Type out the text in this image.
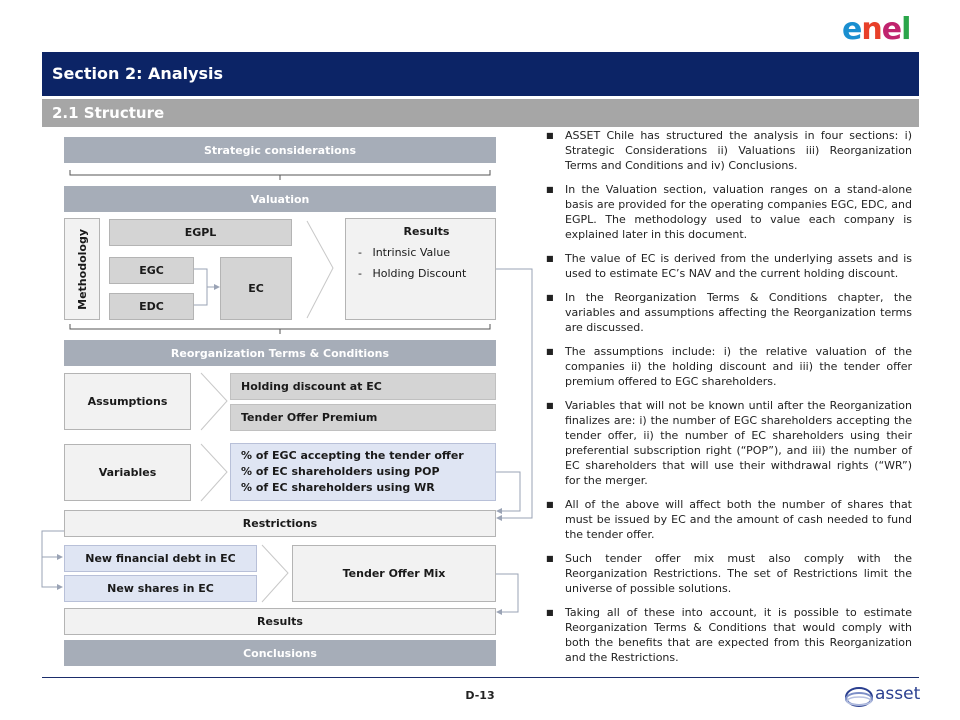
enel
Section 2: Analysis
2.1 Structure
Strategic considerations
Valuation
Methodology	EGPL
EGC
EDC
EC
Results
-   Intrinsic Value
-   Holding Discount
Reorganization Terms & Conditions
Assumptions
Holding discount at EC
Tender Offer Premium
Variables
% of EGC accepting the tender offer
% of EC shareholders using POP
% of EC shareholders using WR
Restrictions
New financial debt in EC
New shares in EC
Tender Offer Mix
Results
Conclusions
■ ASSET Chile has structured the analysis in four sections: i) Strategic Considerations ii) Valuations iii) Reorganization Terms and Conditions and iv) Conclusions.
■ In the Valuation section, valuation ranges on a stand-alone basis are provided for the operating companies EGC, EDC, and EGPL. The methodology used to value each company is explained later in this document.
■ The value of EC is derived from the underlying assets and is used to estimate EC’s NAV and the current holding discount.
■ In the Reorganization Terms & Conditions chapter, the variables and assumptions affecting the Reorganization terms are discussed.
■ The assumptions include: i) the relative valuation of the companies ii) the holding discount and iii) the tender offer premium offered to EGC shareholders.
■ Variables that will not be known until after the Reorganization finalizes are: i) the number of EGC shareholders accepting the tender offer, ii) the number of EC shareholders using their preferential subscription right (“POP”), and iii) the number of EC shareholders that will use their withdrawal rights (“WR”) for the merger.
■ All of the above will affect both the number of shares that must be issued by EC and the amount of cash needed to fund the tender offer.
■ Such tender offer mix must also comply with the Reorganization Restrictions. The set of Restrictions limit the universe of possible solutions.
■ Taking all of these into account, it is possible to estimate Reorganization Terms & Conditions that would comply with both the benefits that are expected from this Reorganization and the Restrictions.
D-13	asset
